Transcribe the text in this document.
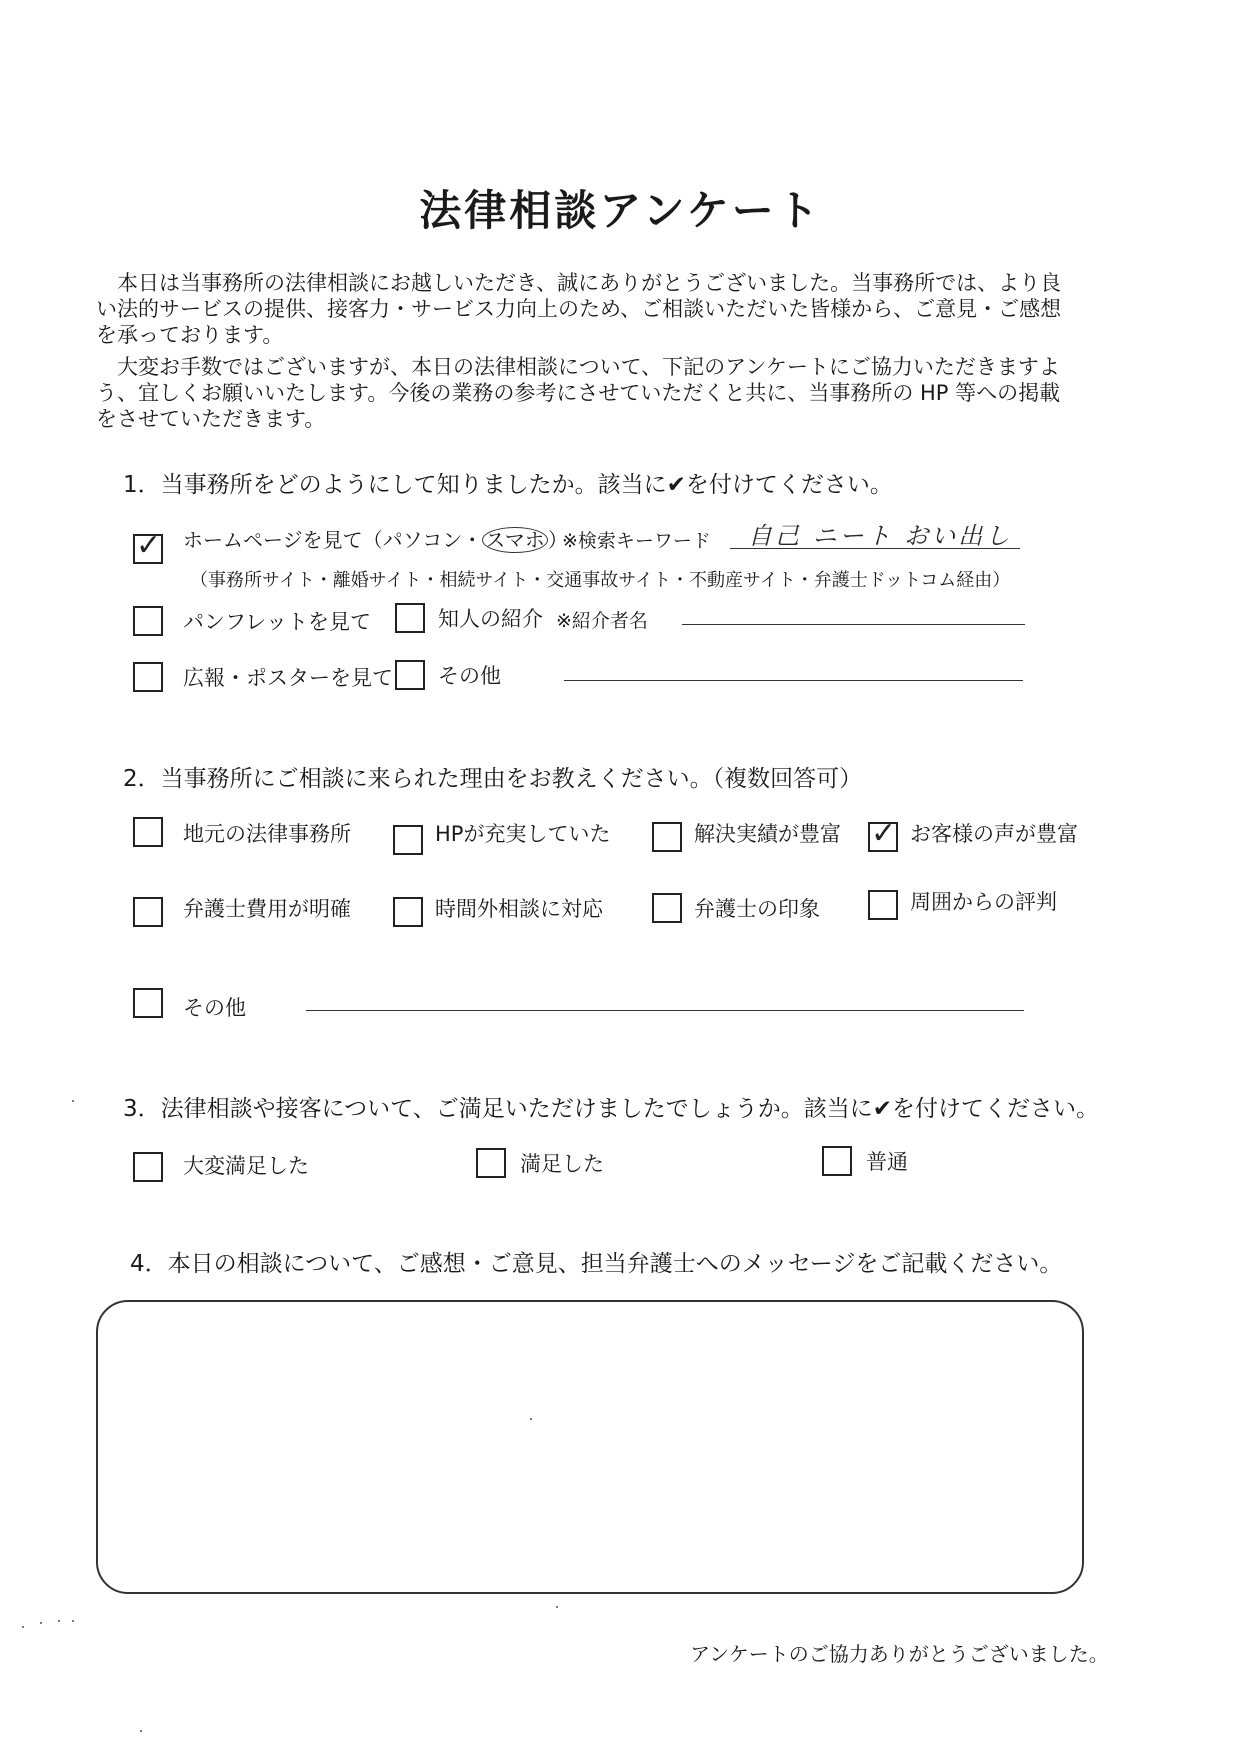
法律相談アンケート

本日は当事務所の法律相談にお越しいただき、誠にありがとうございました。当事務所では、より良い法的サービスの提供、接客力・サービス力向上のため、ご相談いただいた皆様から、ご意見・ご感想を承っております。

大変お手数ではございますが、本日の法律相談について、下記のアンケートにご協力いただきますよう、宜しくお願いいたします。今後の業務の参考にさせていただくと共に、当事務所の HP 等への掲載をさせていただきます。

1．当事務所をどのようにして知りましたか。該当に✔を付けてください。
✓
ホームページを見て（パソコン・ スマホ ）
※検索キーワード 自己 ニート おい出し
（事務所サイト・離婚サイト・相続サイト・交通事故サイト・不動産サイト・弁護士ドットコム経由）
パンフレットを見て	知人の紹介 ※紹介者名
広報・ポスターを見て その他
2．当事務所にご相談に来られた理由をお教えください。（複数回答可）
地元の法律事務所	HPが充実していた	解決実績が豊富
✓	お客様の声が豊富
弁護士費用が明確	時間外相談に対応	弁護士の印象	周囲からの評判
その他
3．法律相談や接客について、ご満足いただけましたでしょうか。該当に✔を付けてください。
大変満足した	満足した	普通
4．本日の相談について、ご感想・ご意見、担当弁護士へのメッセージをご記載ください。
アンケートのご協力ありがとうございました。
